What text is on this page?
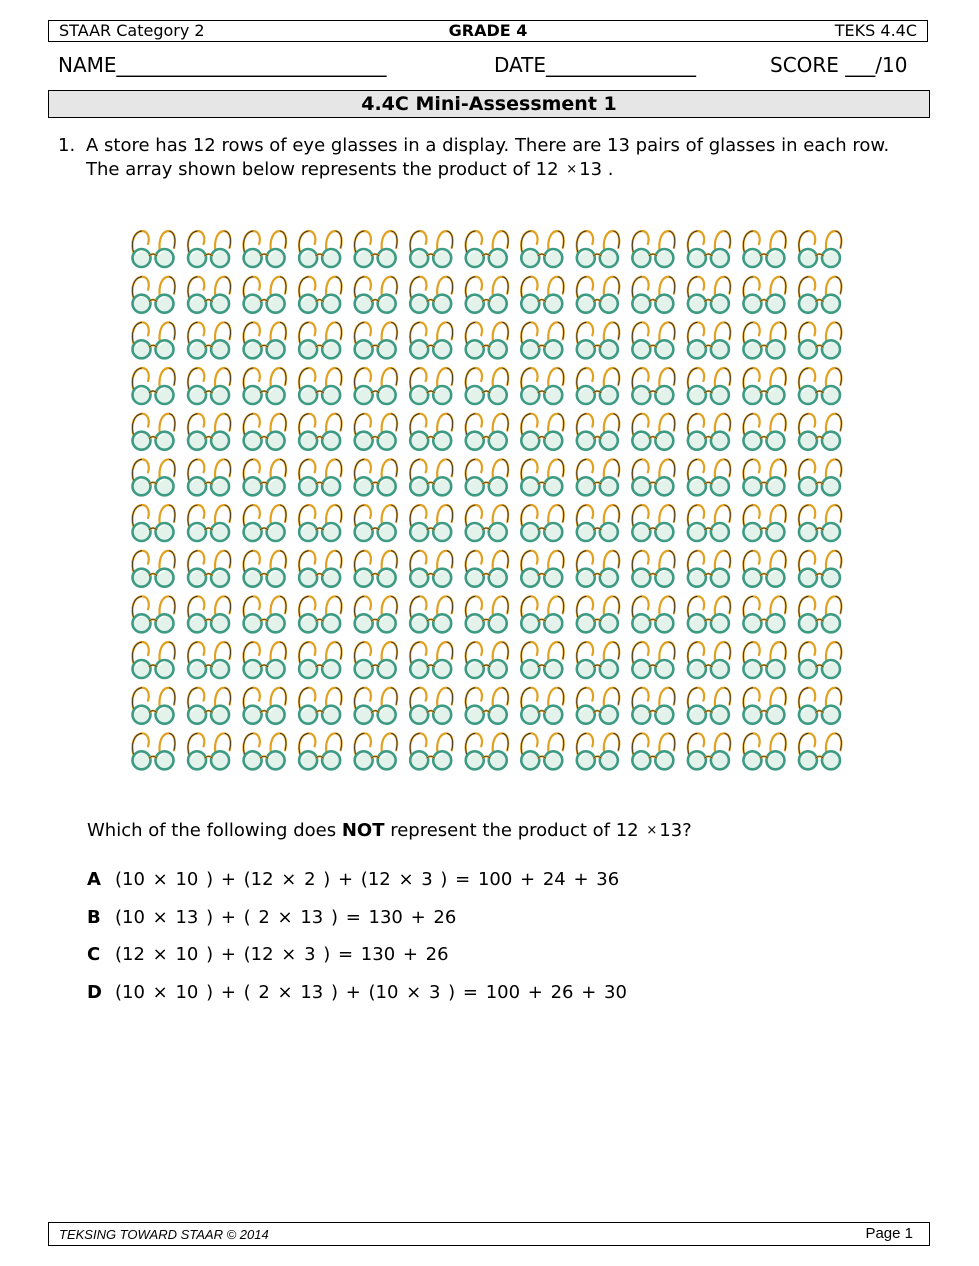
STAAR Category 2	GRADE 4	TEKS 4.4C
NAME___________________________	DATE_______________	SCORE ___/10
4.4C Mini-Assessment 1
1. A store has 12 rows of eye glasses in a display. There are 13 pairs of glasses in each row. The array shown below represents the product of 12 × 13 .
Which of the following does NOT represent the product of 12 × 13?
A (10 × 10 ) + (12 × 2 ) + (12 × 3 ) = 100 + 24 + 36
B (10 × 13 ) + ( 2 × 13 ) = 130 + 26
C (12 × 10 ) + (12 × 3 ) = 130 + 26
D (10 × 10 ) + ( 2 × 13 ) + (10 × 3 ) = 100 + 26 + 30
TEKSING TOWARD STAAR © 2014	Page 1
